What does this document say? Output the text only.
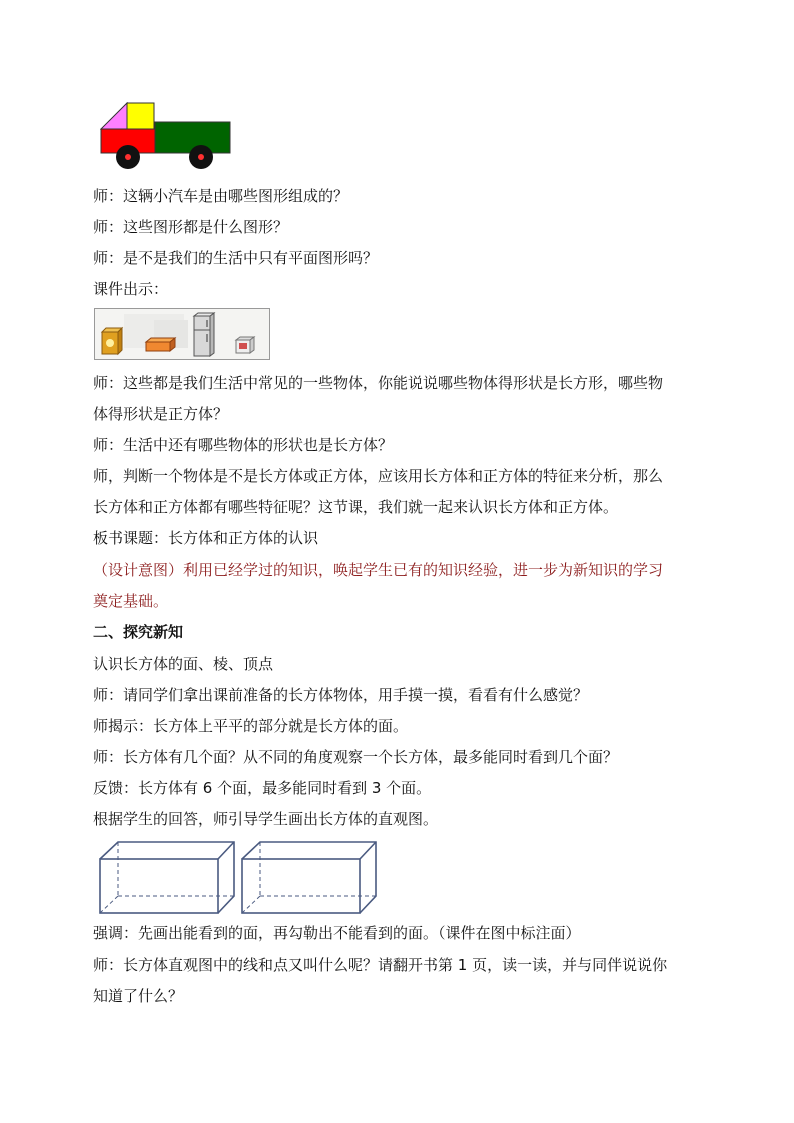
师：这辆小汽车是由哪些图形组成的？
师：这些图形都是什么图形？
师：是不是我们的生活中只有平面图形吗？
课件出示：
师：这些都是我们生活中常见的一些物体，你能说说哪些物体得形状是长方形，哪些物
体得形状是正方体？
师：生活中还有哪些物体的形状也是长方体？
师，判断一个物体是不是长方体或正方体，应该用长方体和正方体的特征来分析，那么
长方体和正方体都有哪些特征呢？这节课，我们就一起来认识长方体和正方体。
板书课题：长方体和正方体的认识
（设计意图）利用已经学过的知识，唤起学生已有的知识经验，进一步为新知识的学习
奠定基础。
二、探究新知
认识长方体的面、棱、顶点
师：请同学们拿出课前准备的长方体物体，用手摸一摸，看看有什么感觉？
师揭示：长方体上平平的部分就是长方体的面。
师：长方体有几个面？从不同的角度观察一个长方体，最多能同时看到几个面？
反馈：长方体有 6 个面，最多能同时看到 3 个面。
根据学生的回答，师引导学生画出长方体的直观图。
强调：先画出能看到的面，再勾勒出不能看到的面。（课件在图中标注面）
师：长方体直观图中的线和点又叫什么呢？请翻开书第 1 页，读一读，并与同伴说说你
知道了什么？
